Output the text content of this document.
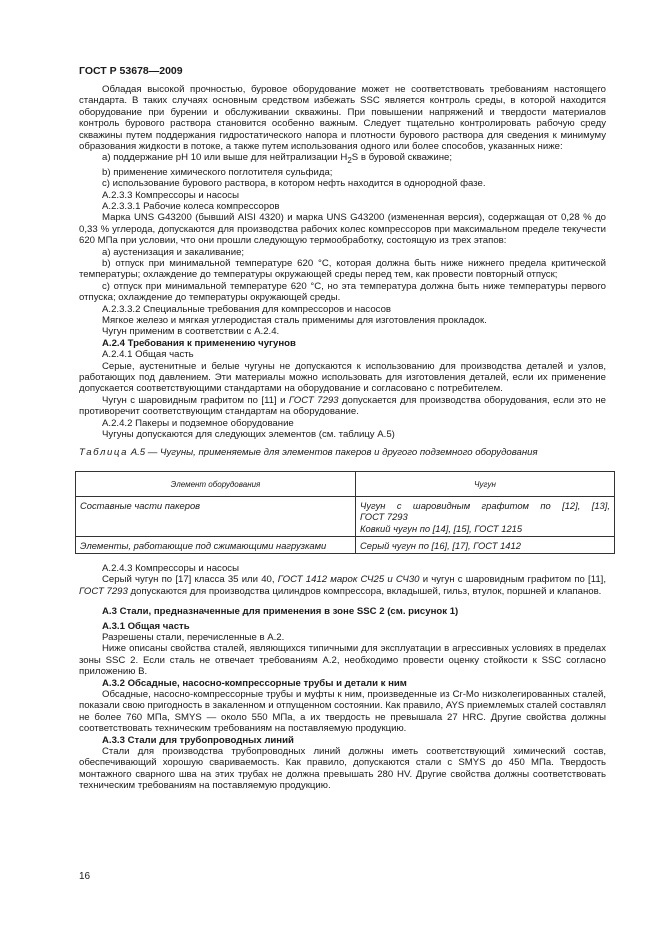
ГОСТ Р 53678—2009

Обладая высокой прочностью, буровое оборудование может не соответствовать требованиям настоящего стандарта. В таких случаях основным средством избежать SSC является контроль среды, в которой находится оборудование при бурении и обслуживании скважины. При повышении напряжений и твердости материалов контроль бурового раствора становится особенно важным. Следует тщательно контролировать рабочую среду скважины путем поддержания гидростатического напора и плотности бурового раствора для сведения к минимуму образования жидкости в потоке, а также путем использования одного или более способов, указанных ниже:

а) поддержание рН 10 или выше для нейтрализации $H_2S$ в буровой скважине;

b) применение химического поглотителя сульфида;

с) использование бурового раствора, в котором нефть находится в однородной фазе.

А.2.3.3 Компрессоры и насосы

А.2.3.3.1 Рабочие колеса компрессоров

Марка UNS G43200 (бывший AISI 4320) и марка UNS G43200 (измененная версия), содержащая от 0,28 % до 0,33 % углерода, допускаются для производства рабочих колес компрессоров при максимальном пределе текучести 620 МПа при условии, что они прошли следующую термообработку, состоящую из трех этапов:

а) аустенизация и закаливание;

b) отпуск при минимальной температуре 620 °С, которая должна быть ниже нижнего предела критической температуры; охлаждение до температуры окружающей среды перед тем, как провести повторный отпуск;

с) отпуск при минимальной температуре 620 °С, но эта температура должна быть ниже температуры первого отпуска; охлаждение до температуры окружающей среды.

А.2.3.3.2 Специальные требования для компрессоров и насосов

Мягкое железо и мягкая углеродистая сталь применимы для изготовления прокладок.

Чугун применим в соответствии с А.2.4.

А.2.4 Требования к применению чугунов

А.2.4.1 Общая часть

Серые, аустенитные и белые чугуны не допускаются к использованию для производства деталей и узлов, работающих под давлением. Эти материалы можно использовать для изготовления деталей, если их применение допускается соответствующими стандартами на оборудование и согласовано с потребителем.

Чугун с шаровидным графитом по [11] и ГОСТ 7293 допускается для производства оборудования, если это не противоречит соответствующим стандартам на оборудование.

А.2.4.2 Пакеры и подземное оборудование

Чугуны допускаются для следующих элементов (см. таблицу А.5)

Таблица А.5 — Чугуны, применяемые для элементов пакеров и другого подземного оборудования

Элемент оборудования	Чугун
Составные части пакеров	Чугун с шаровидным графитом по [12], [13],
ГОСТ 7293
Ковкий чугун по [14], [15], ГОСТ 1215

Элементы, работающие под сжимающими нагрузками	Серый чугун по [16], [17], ГОСТ 1412

А.2.4.3 Компрессоры и насосы

Серый чугун по [17] класса 35 или 40, ГОСТ 1412 марок СЧ25 и СЧ30 и чугун с шаровидным графитом по [11], ГОСТ 7293 допускаются для производства цилиндров компрессора, вкладышей, гильз, втулок, поршней и клапанов.

А.3 Стали, предназначенные для применения в зоне SSC 2 (см. рисунок 1)

А.3.1 Общая часть

Разрешены стали, перечисленные в А.2.

Ниже описаны свойства сталей, являющихся типичными для эксплуатации в агрессивных условиях в пределах зоны SSC 2. Если сталь не отвечает требованиям А.2, необходимо провести оценку стойкости к SSC согласно приложению В.

А.3.2 Обсадные, насосно-компрессорные трубы и детали к ним

Обсадные, насосно-компрессорные трубы и муфты к ним, произведенные из Cr-Mo низколегированных сталей, показали свою пригодность в закаленном и отпущенном состоянии. Как правило, AYS приемлемых сталей составлял не более 760 МПа, SMYS — около 550 МПа, а их твердость не превышала 27 HRC. Другие свойства должны соответствовать техническим требованиям на поставляемую продукцию.

А.3.3 Стали для трубопроводных линий

Стали для производства трубопроводных линий должны иметь соответствующий химический состав, обеспечивающий хорошую свариваемость. Как правило, допускаются стали с SMYS до 450 МПа. Твердость монтажного сварного шва на этих трубах не должна превышать 280 HV. Другие свойства должны соответствовать техническим требованиям на поставляемую продукцию.

16
